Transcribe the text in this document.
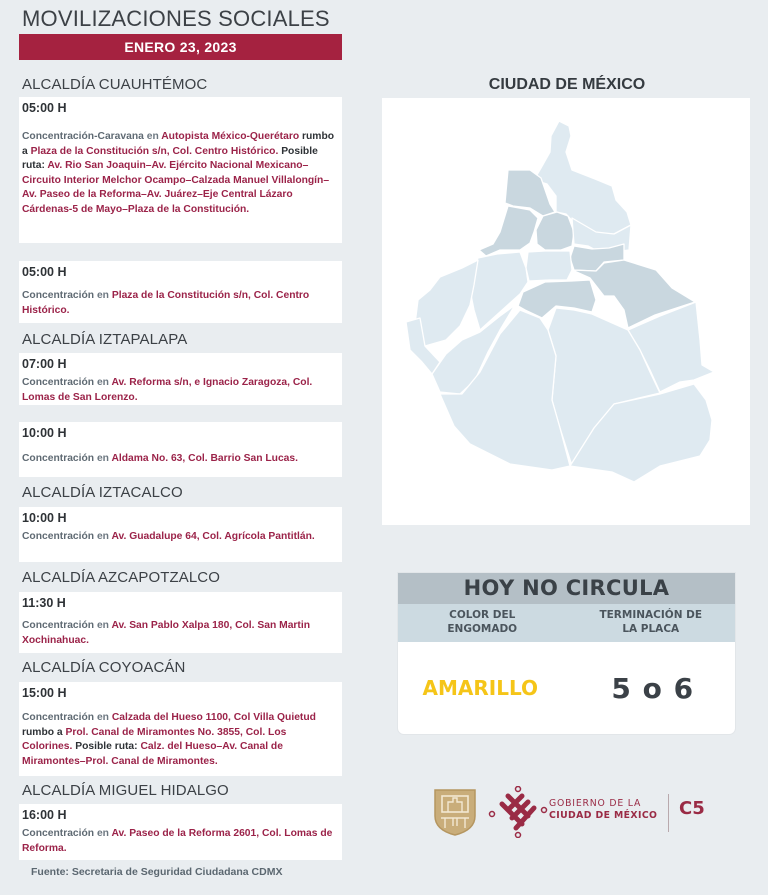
MOVILIZACIONES SOCIALES
ENERO 23, 2023
ALCALDÍA CUAUHTÉMOC
05:00 H
Concentración-Caravana en Autopista México-Querétaro rumbo a Plaza de la Constitución s/n, Col. Centro Histórico. Posible ruta: Av. Rio San Joaquin–Av. Ejército Nacional Mexicano–Circuito Interior Melchor Ocampo–Calzada Manuel Villalongín–Av. Paseo de la Reforma–Av. Juárez–Eje Central Lázaro Cárdenas-5 de Mayo–Plaza de la Constitución.
05:00 H
Concentración en Plaza de la Constitución s/n, Col. Centro Histórico.
ALCALDÍA IZTAPALAPA
07:00 H
Concentración en Av. Reforma s/n, e Ignacio Zaragoza, Col. Lomas de San Lorenzo.
10:00 H
Concentración en Aldama No. 63, Col. Barrio San Lucas.
ALCALDÍA IZTACALCO
10:00 H
Concentración en Av. Guadalupe 64, Col. Agrícola Pantitlán.
ALCALDÍA AZCAPOTZALCO
11:30 H
Concentración en Av. San Pablo Xalpa 180, Col. San Martin Xochinahuac.
ALCALDÍA COYOACÁN
15:00 H
Concentración en Calzada del Hueso 1100, Col Villa Quietud rumbo a Prol. Canal de Miramontes No. 3855, Col. Los Colorines. Posible ruta: Calz. del Hueso–Av. Canal de Miramontes–Prol. Canal de Miramontes.
ALCALDÍA MIGUEL HIDALGO
16:00 H
Concentración en Av. Paseo de la Reforma 2601, Col. Lomas de Reforma.
Fuente: Secretaria de Seguridad Ciudadana CDMX
CIUDAD DE MÉXICO
HOY NO CIRCULA
COLOR DEL ENGOMADO
TERMINACIÓN DE LA PLACA
AMARILLO	5 o 6
GOBIERNO DE LA
CIUDAD DE MÉXICO C5
